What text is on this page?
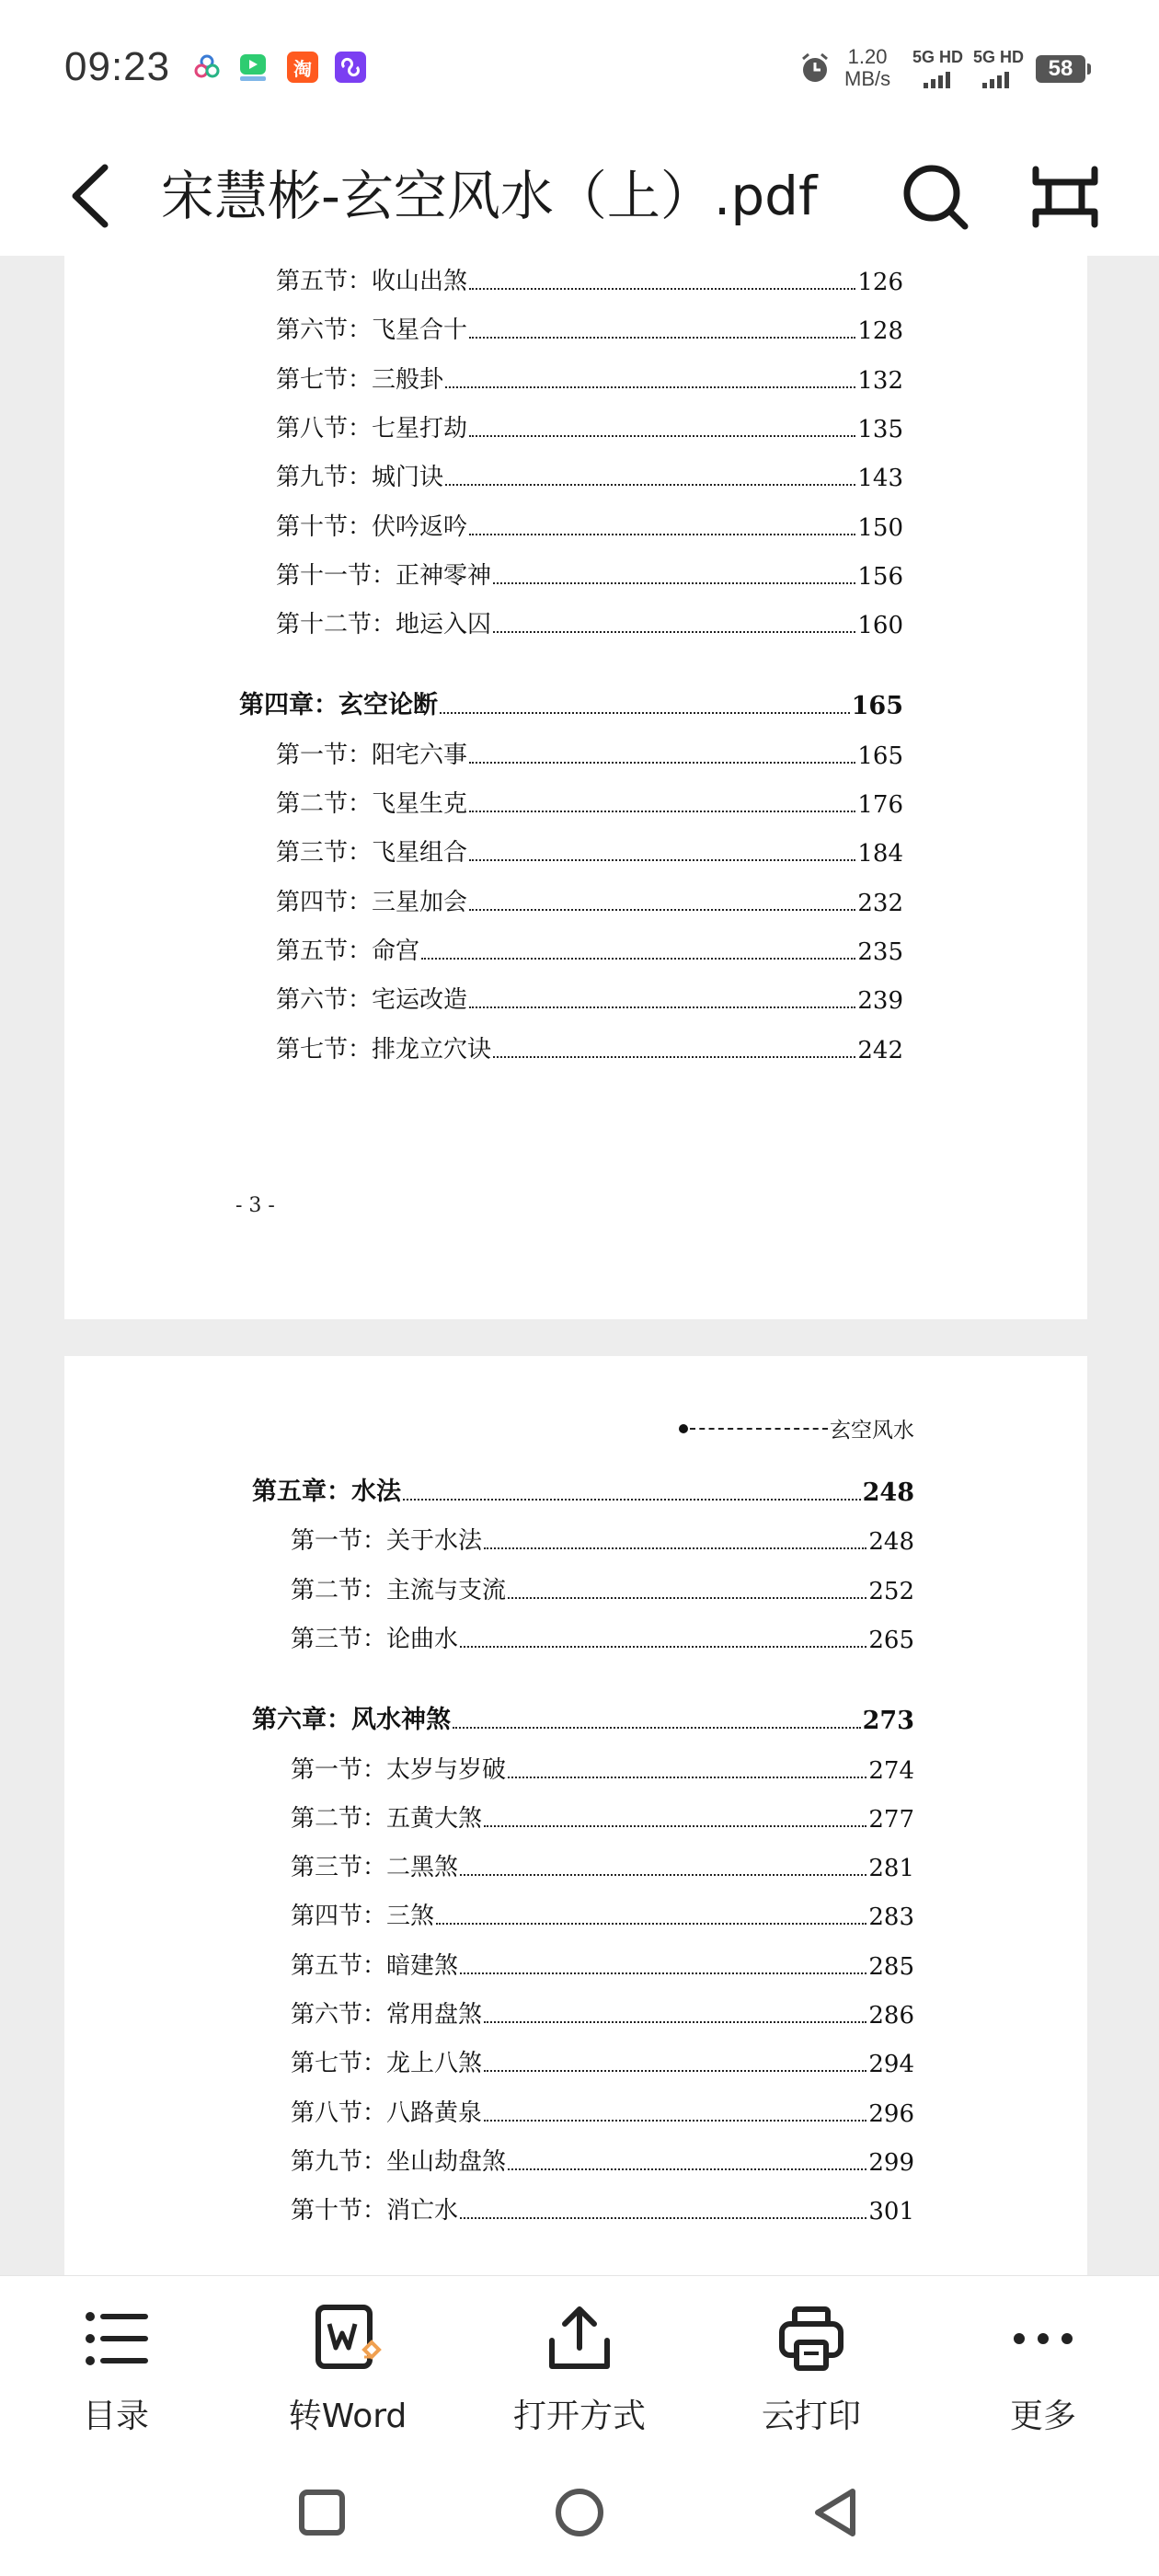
09:23	淘
1.20
MB/s
5G HD 5G HD	58
宋慧彬-玄空风水（上）.pdf
第五节：收山出煞	126
第六节：飞星合十	128
第七节：三般卦	132
第八节：七星打劫	135
第九节：城门诀	143
第十节：伏吟返吟	150
第十一节：正神零神	156
第十二节：地运入囚	160
第四章：玄空论断	165
第一节：阳宅六事	165
第二节：飞星生克	176
第三节：飞星组合	184
第四节：三星加会	232
第五节：命宫	235
第六节：宅运改造	239
第七节：排龙立穴诀	242
- 3 -
玄空风水
第五章：水法	248
第一节：关于水法	248
第二节：主流与支流	252
第三节：论曲水	265
第六章：风水神煞	273
第一节：太岁与岁破	274
第二节：五黄大煞	277
第三节：二黑煞	281
第四节：三煞	283
第五节：暗建煞	285
第六节：常用盘煞	286
第七节：龙上八煞	294
第八节：八路黄泉	296
第九节：坐山劫盘煞	299
第十节：消亡水	301
目录	转Word	打开方式	云打印	更多
